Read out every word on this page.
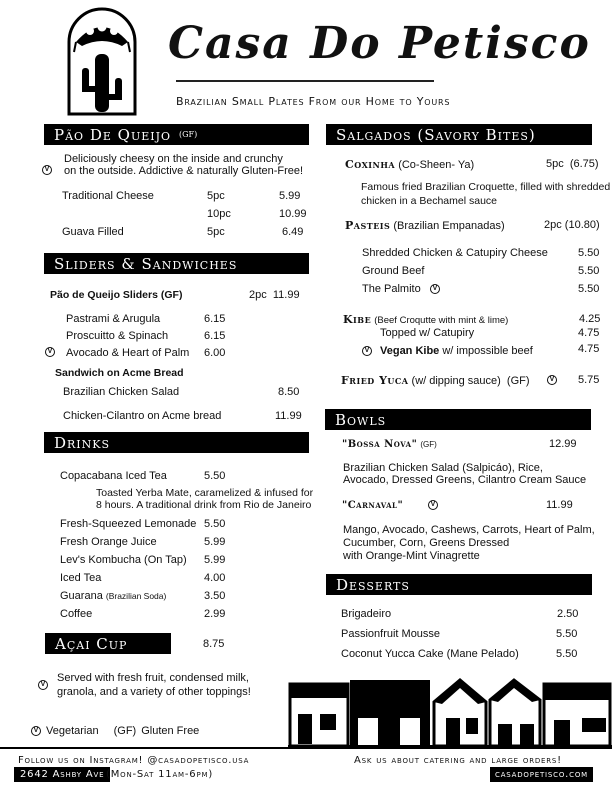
Casa Do Petisco
Brazilian Small Plates From our Home to Yours
Pão De Queijo (GF)
Deliciously cheesy on the inside and crunchy
V on the outside. Addictive & naturally Gluten-Free!
Traditional Cheese	5pc	5.99
10pc	10.99
Guava Filled	5pc	6.49
Sliders & Sandwiches
Pão de Queijo Sliders (GF)	2pc  11.99
Pastrami & Arugula	6.15
Proscuitto & Spinach	6.15
V Avocado & Heart of Palm 6.00
Sandwich on Acme Bread
Brazilian Chicken Salad	8.50
Chicken-Cilantro on Acme bread	11.99
Drinks
Copacabana Iced Tea	5.50
Toasted Yerba Mate, caramelized & infused for
8 hours. A traditional drink from Rio de Janeiro
Fresh-Squeezed Lemonade 5.50
Fresh Orange Juice	5.99
Lev's Kombucha (On Tap) 5.99
Iced Tea	4.00
Guarana (Brazilian Soda)	3.50
Coffee	2.99
Açai Cup	8.75
V
Served with fresh fruit, condensed milk,
granola, and a variety of other toppings!
V Vegetarian (GF) Gluten Free
Salgados (Savory Bites)
Coxinha (Co-Sheen- Ya)	5pc  (6.75)
Famous fried Brazilian Croquette, filled with shredded
chicken in a Bechamel sauce
Pasteis (Brazilian Empanadas)	2pc (10.80)
Shredded Chicken & Catupiry Cheese	5.50
Ground Beef	5.50
The Palmito	V	5.50
Kibe (Beef Croqutte with mint & lime)	4.25
Topped w/ Catupiry	4.75
V Vegan Kibe w/ impossible beef	4.75
Fried Yuca (w/ dipping sauce)  (GF)	V 5.75
Bowls
"Bossa Nova" (GF)	12.99
Brazilian Chicken Salad (Salpicáo), Rice,
Avocado, Dressed Greens, Cilantro Cream Sauce
"Carnaval"	V	11.99
Mango, Avocado, Cashews, Carrots, Heart of Palm,
Cucumber, Corn, Greens Dressed
with Orange-Mint Vinagrette
Desserts
Brigadeiro	2.50
Passionfruit Mousse	5.50
Coconut Yucca Cake (Mane Pelado)	5.50
Follow us on Instagram! @casadopetisco.usa	Ask us about catering and large orders!
2642 Ashby Ave (Mon-Sat 11am-6pm)	casadopetisco.com
